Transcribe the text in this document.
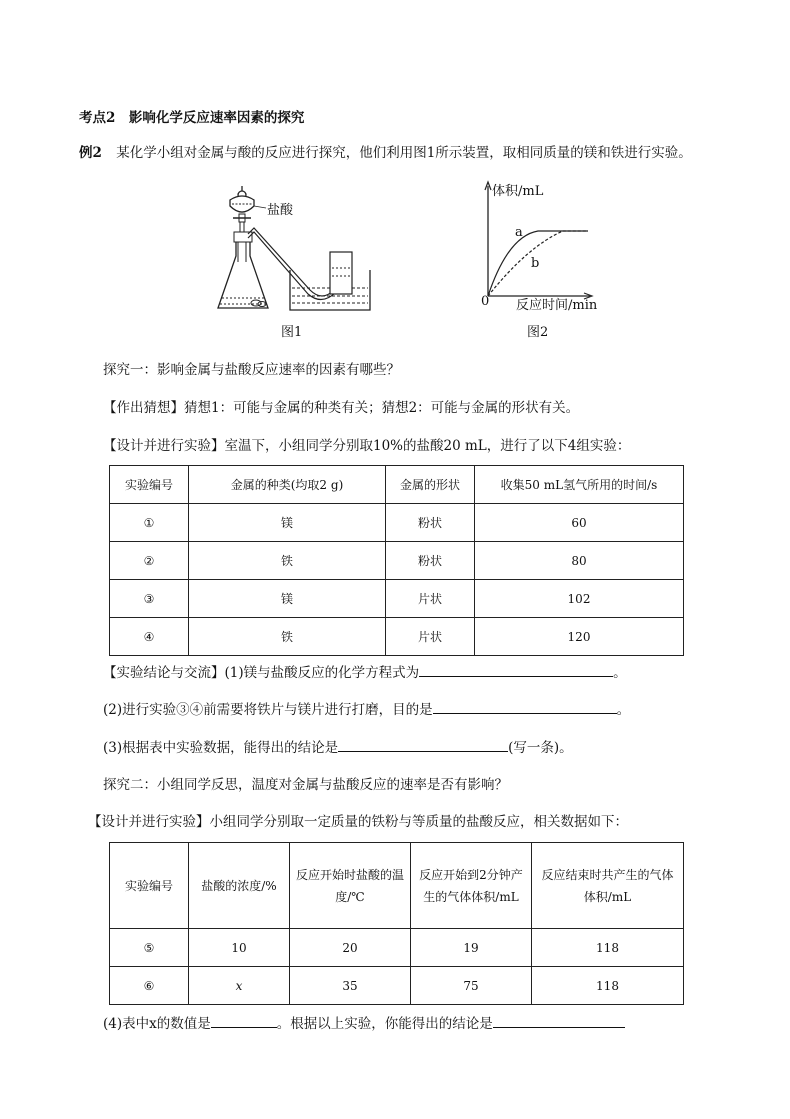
考点2　影响化学反应速率因素的探究
例2 某化学小组对金属与酸的反应进行探究，他们利用图1所示装置，取相同质量的镁和铁进行实验。
盐酸
图1
体积/mL
反应时间/min
0
a
b
图2
探究一：影响金属与盐酸反应速率的因素有哪些？
【作出猜想】猜想1：可能与金属的种类有关；猜想2：可能与金属的形状有关。
【设计并进行实验】室温下，小组同学分别取10%的盐酸20 mL，进行了以下4组实验：
实验编号	金属的种类(均取2 g)	金属的形状	收集50 mL氢气所用的时间/s
①	镁	粉状	60
②	铁	粉状	80
③	镁	片状	102
④	铁	片状	120
【实验结论与交流】(1)镁与盐酸反应的化学方程式为	。
(2)进行实验③④前需要将铁片与镁片进行打磨，目的是	。
(3)根据表中实验数据，能得出的结论是	(写一条)。
探究二：小组同学反思，温度对金属与盐酸反应的速率是否有影响？
【设计并进行实验】小组同学分别取一定质量的铁粉与等质量的盐酸反应，相关数据如下：
实验编号	盐酸的浓度/%	反应开始时盐酸的温度/℃	反应开始到2分钟产生的气体体积/mL	反应结束时共产生的气体体积/mL
⑤	10	20	19	118
⑥	x	35	75	118
(4)表中x的数值是	。根据以上实验，你能得出的结论是
